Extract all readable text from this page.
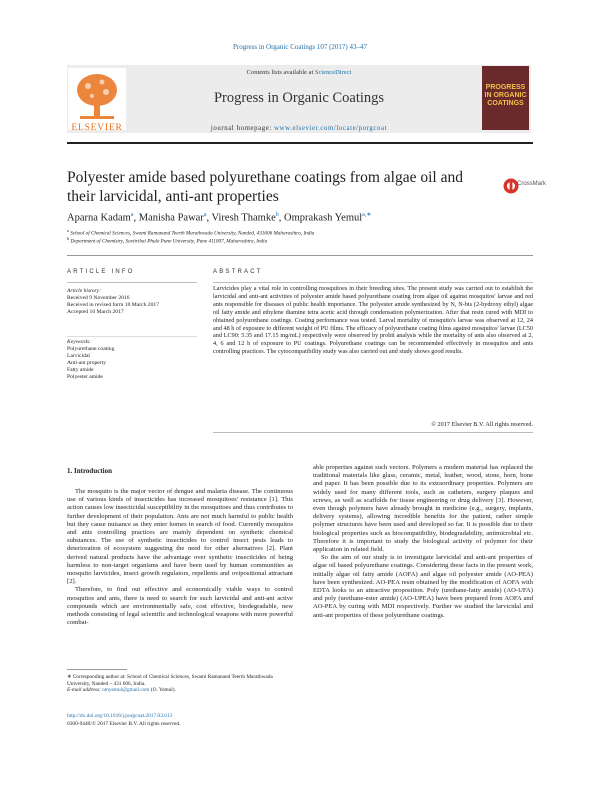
Progress in Organic Coatings 107 (2017) 43–47
Contents lists available at ScienceDirect
Progress in Organic Coatings
journal homepage: www.elsevier.com/locate/porgcoat
ELSEVIER
PROGRESS IN ORGANIC COATINGS
Polyester amide based polyurethane coatings from algae oil and their larvicidal, anti-ant properties
CrossMark
Aparna Kadam$^a$, Manisha Pawar$^a$, Viresh Thamke$^b$, Omprakash Yemul$^{a,∗}$
$^a$ School of Chemical Sciences, Swami Ramanand Teerth Marathwada University, Nanded, 431606 Maharashtra, India
$^b$ Department of Chemistry, Savitribai Phule Pune University, Pune 411007, Maharashtra, India
ARTICLE INFO	ABSTRACT
Article history:
Received 9 November 2016
Received in revised form 10 March 2017
Accepted 10 March 2017
Keywords:
Polyurethane coating
Larvicidal
Anti-ant property
Fatty amide
Polyester amide
Larvicides play a vital role in controlling mosquitoes in their breeding sites. The present study was carried out to establish the larvicidal and anti-ant activities of polyester amide based polyurethane coating from algae oil against mosquitos' larvae and red ants responsible for diseases of public health importance. The polyester amide synthesized by N, N-bis (2-hydroxy ethyl) algae oil fatty amide and ethylene diamine tetra acetic acid through condensation polymerization. After that resin cured with MDI to obtained polyurethane coatings. Coating performance was tested. Larval mortality of mosquito's larvae was observed at 12, 24 and 48 h of exposure to different weight of PU films. The efficacy of polyurethane coating films against mosquitos' larvae (LC50 and LC90: 5.35 and 17.15 mg/mL) respectively were observed by probit analysis while the mortality of ants also observed at 2, 4, 6 and 12 h of exposure to PU coatings. Polyurethane coatings can be recommended effectively in mosquitos and ants controlling practices. The cytocompatibility study was also carried out and study shows good results.
© 2017 Elsevier B.V. All rights reserved.
1. Introduction

The mosquito is the major vector of dengue and malaria disease. The continuous use of various kinds of insecticides has increased mosquitoes' resistance [1]. This action causes low insecticidal susceptibility in the mosquitoes and thus contributes to further development of their population. Ants are not much harmful to public health but they cause nuisance as they enter homes in search of food. Currently mosquitos and ants controlling practices are mainly dependent on synthetic chemical substances. The use of synthetic insecticides to control insect pests leads to deterioration of ecosystem suggesting the need for other alternatives [2]. Plant derived natural products have the advantage over synthetic insecticides of being harmless to non-target organisms and have been used by human communities as mosquito larvicides, insect growth regulators, repellents and ovipositional attractant [2].

Therefore, to find out effective and economically viable ways to control mosquitos and ants, there is need to search for such larvicidal and anti-ant active compounds which are environmentally safe, cost effective, biodegradable, new methods consisting of legal scientific and technological weapons with more powerful combat-

able properties against such vectors. Polymers a modern material has replaced the traditional materials like glass, ceramic, metal, leather, wood, stone, horn, bone and paper. It has been possible due to its extraordinary properties. Polymers are widely used for many different tools, such as catheters, surgery plaques and screws, as well as scaffolds for tissue engineering or drug delivery [3]. However, even though polymers have already brought in medicine (e.g., surgery, implants, delivery systems), allowing incredible benefits for the patient, rather simple polymer structures have been used and developed so far. It is possible due to their biological properties such as biocompatibility, biodegradability, antimicrobial etc. Therefore it is important to study the biological activity of polymer for their application in related field.

So the aim of our study is to investigate larvicidal and anti-ant properties of algae oil based polyurethane coatings. Considering these facts in the present work, initially algae oil fatty amide (AOFA) and algae oil polyester amide (AO-PEA) have been synthesized. AO-PEA resin obtained by the modification of AOFA with EDTA looks to an attractive proposition. Poly (urethane-fatty amide) (AO-UFA) and poly (urethane-ester amide) (AO-UPEA) have been prepared from AOFA and AO-PEA by curing with MDI respectively. Further we studied the larvicidal and anti-ant properties of these polyurethane coatings.

∗ Corresponding author at: School of Chemical Sciences, Swami Ramanand Teerth Marathwada University, Nanded – 431 606, India.
E-mail address: omyemul@gmail.com (O. Yemul).
http://dx.doi.org/10.1016/j.porgcoat.2017.03.013
0300-9440/© 2017 Elsevier B.V. All rights reserved.
